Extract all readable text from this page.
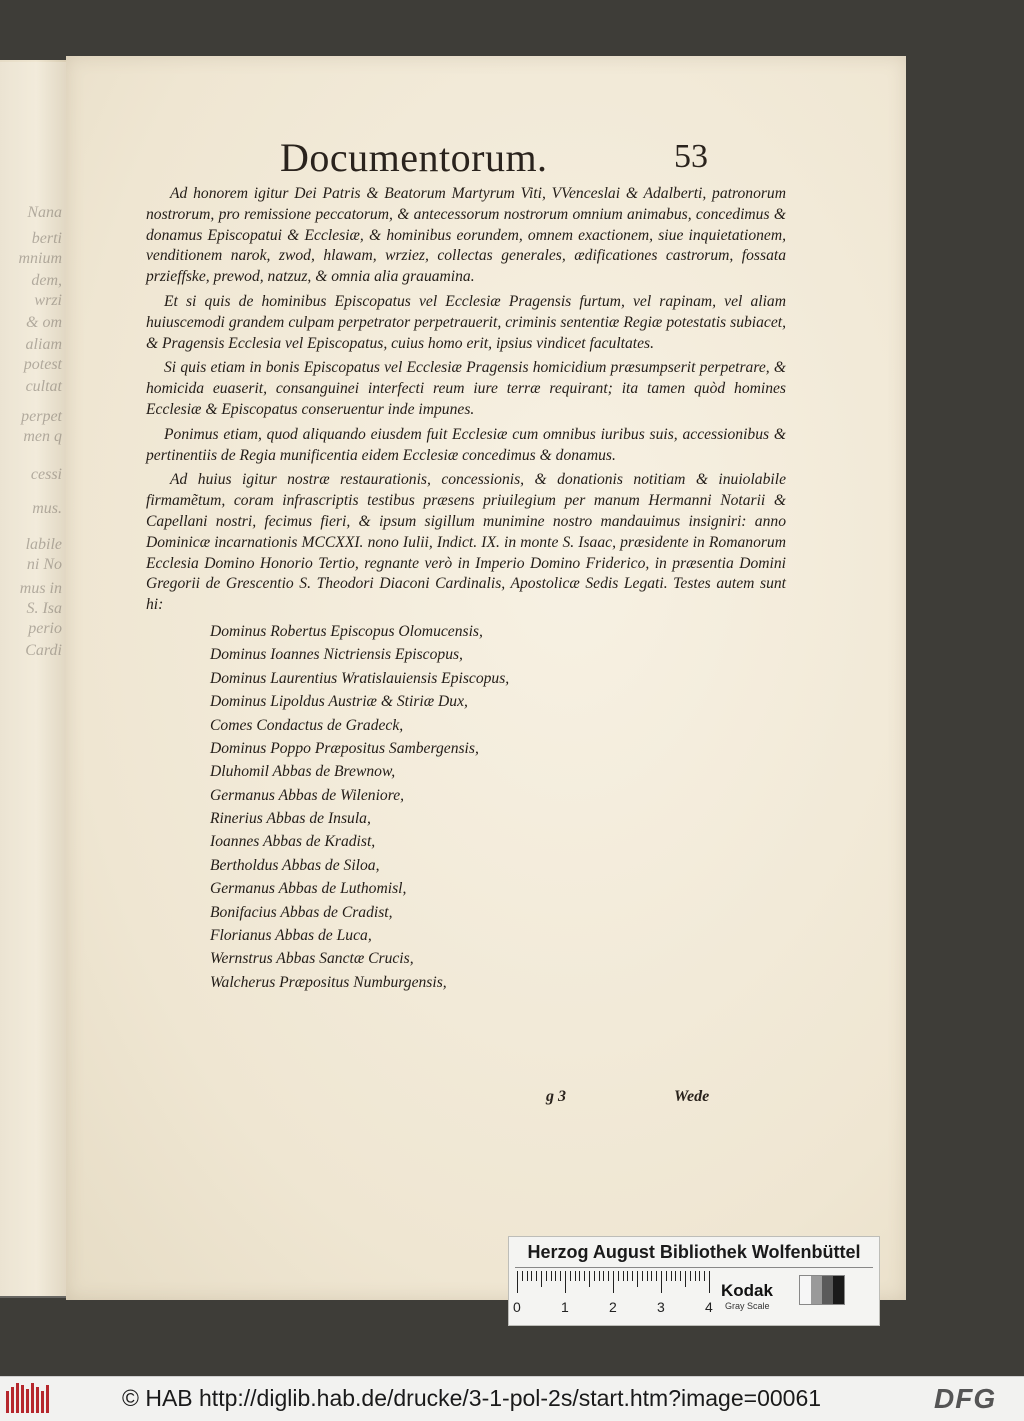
Nana
berti
mnium
dem,
wrzi
& om
aliam
potest
cultat
perpet
men q
cessi
mus.
labile
ni No
mus in
S. Isa
perio
Cardi
Documentorum.	53

Ad honorem igitur Dei Patris & Beatorum Martyrum Viti, VVenceslai & Adalberti, patronorum nostrorum, pro remissione peccatorum, & antecessorum nostrorum omnium animabus, concedimus & donamus Episcopatui & Ecclesiæ, & hominibus eorundem, omnem exactionem, siue inquietationem, venditionem narok, zwod, hlawam, wrziez, collectas generales, ædificationes castrorum, fossata przieffske, prewod, natzuz, & omnia alia grauamina.

Et si quis de hominibus Episcopatus vel Ecclesiæ Pragensis furtum, vel rapinam, vel aliam huiuscemodi grandem culpam perpetrator perpetrauerit, criminis sententiæ Regiæ potestatis subiacet, & Pragensis Ecclesia vel Episcopatus, cuius homo erit, ipsius vindicet facultates.

Si quis etiam in bonis Episcopatus vel Ecclesiæ Pragensis homicidium præsumpserit perpetrare, & homicida euaserit, consanguinei interfecti reum iure terræ requirant; ita tamen quòd homines Ecclesiæ & Episcopatus conseruentur inde impunes.

Ponimus etiam, quod aliquando eiusdem fuit Ecclesiæ cum omnibus iuribus suis, accessionibus & pertinentiis de Regia munificentia eidem Ecclesiæ concedimus & donamus.

Ad huius igitur nostræ restaurationis, concessionis, & donationis notitiam & inuiolabile firmamẽtum, coram infrascriptis testibus præsens priuilegium per manum Hermanni Notarii & Capellani nostri, fecimus fieri, & ipsum sigillum munimine nostro mandauimus insigniri: anno Dominicæ incarnationis MCCXXI. nono Iulii, Indict. IX. in monte S. Isaac, præsidente in Romanorum Ecclesia Domino Honorio Tertio, regnante verò in Imperio Domino Friderico, in præsentia Domini Gregorii de Grescentio S. Theodori Diaconi Cardinalis, Apostolicæ Sedis Legati. Testes autem sunt hi:

Dominus Robertus Episcopus Olomucensis,
Dominus Ioannes Nictriensis Episcopus,
Dominus Laurentius Wratislauiensis Episcopus,
Dominus Lipoldus Austriæ & Stiriæ Dux,
Comes Condactus de Gradeck,
Dominus Poppo Præpositus Sambergensis,
Dluhomil Abbas de Brewnow,
Germanus Abbas de Wileniore,
Rinerius Abbas de Insula,
Ioannes Abbas de Kradist,
Bertholdus Abbas de Siloa,
Germanus Abbas de Luthomisl,
Bonifacius Abbas de Cradist,
Florianus Abbas de Luca,
Wernstrus Abbas Sanctæ Crucis,
Walcherus Præpositus Numburgensis,
g 3	Wede
Herzog August Bibliothek Wolfenbüttel
0	1	2	3	4
Kodak
Gray Scale
© HAB http://diglib.hab.de/drucke/3-1-pol-2s/start.htm?image=00061	DFG
